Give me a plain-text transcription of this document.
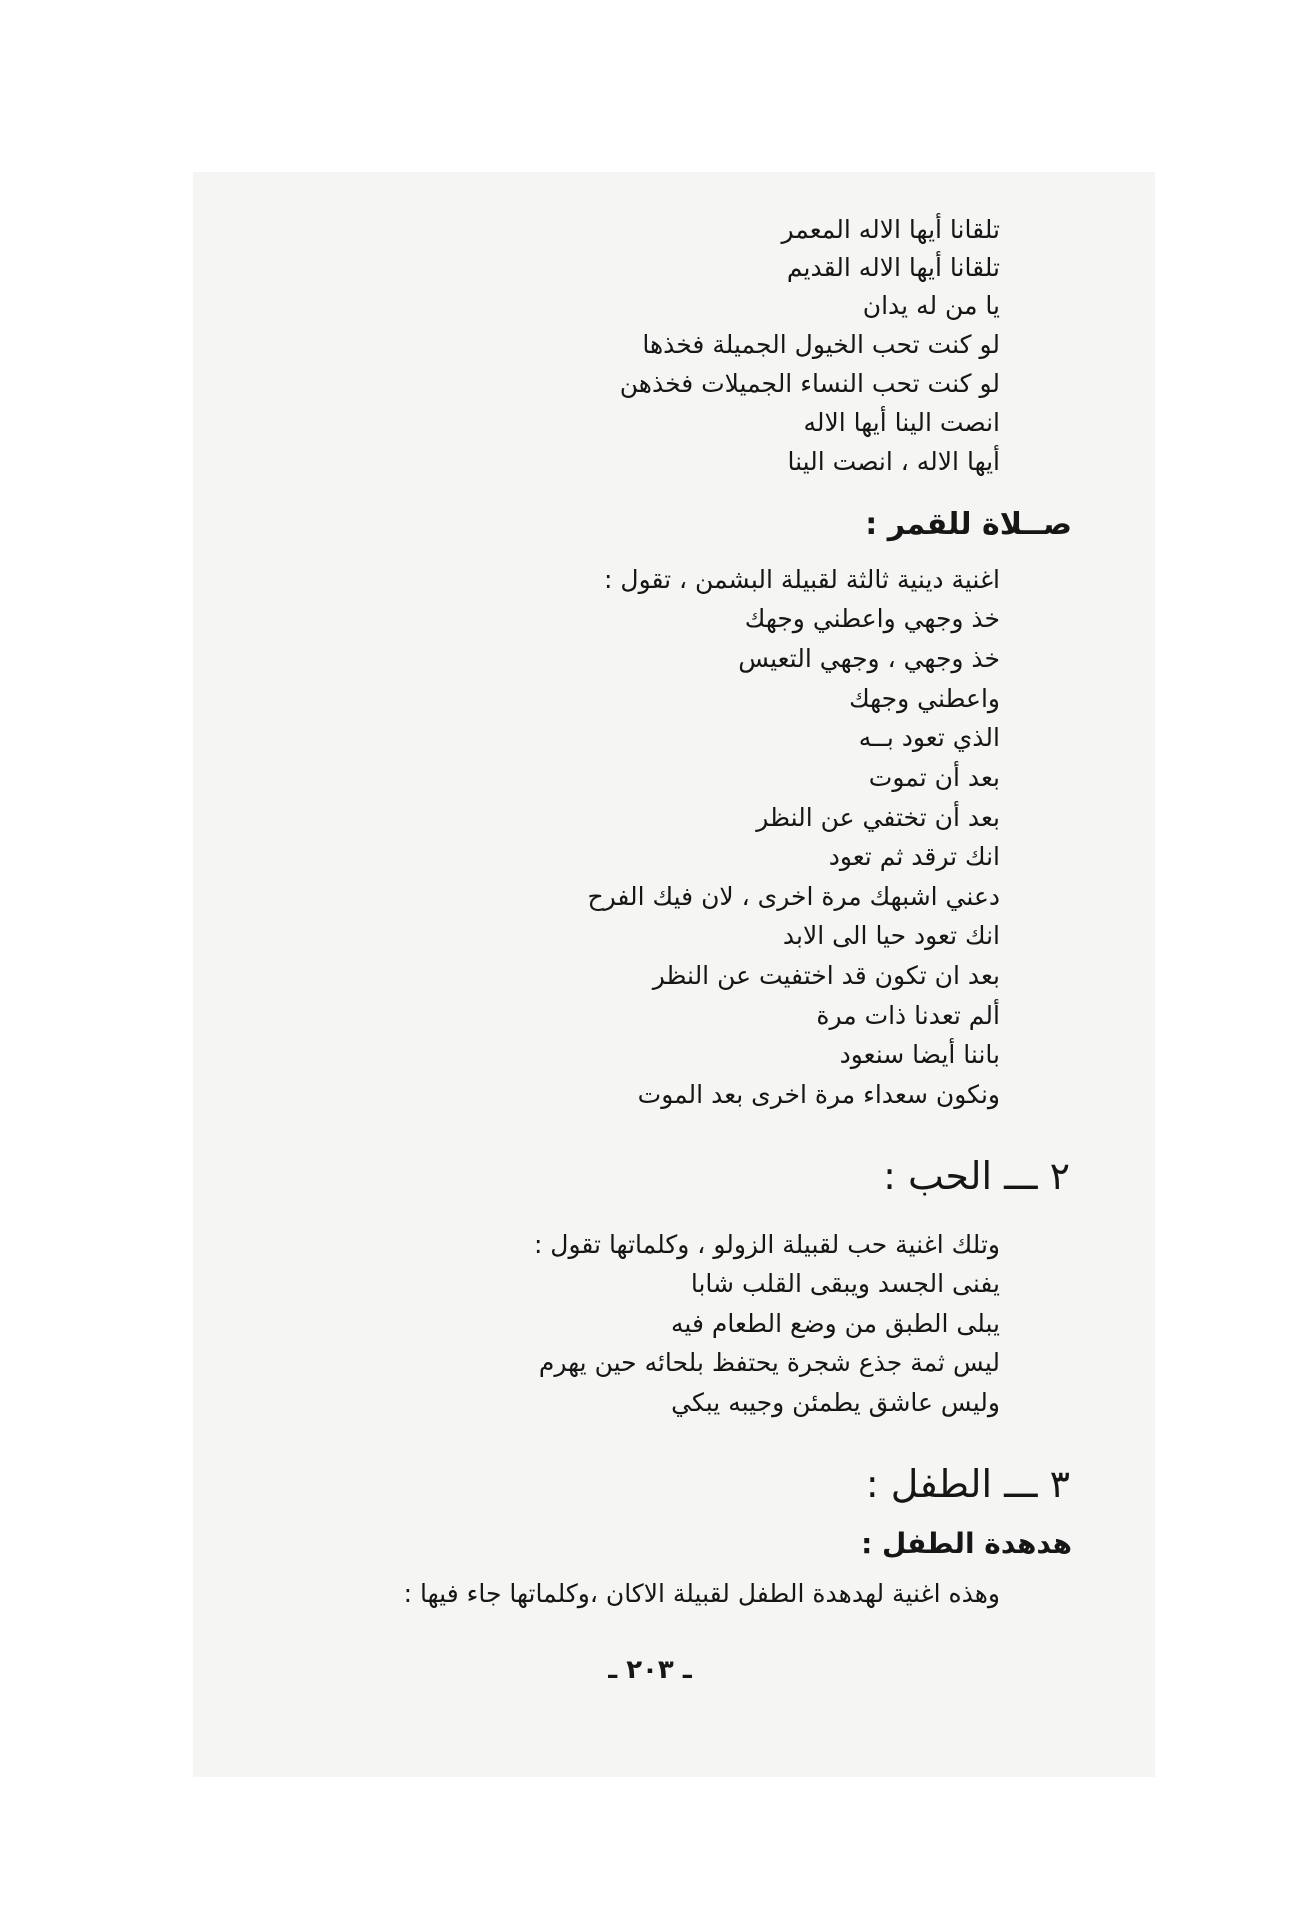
تلقانا أيها الاله المعمر
تلقانا أيها الاله القديم
يا من له يدان
لو كنت تحب الخيول الجميلة فخذها
لو كنت تحب النساء الجميلات فخذهن
انصت الينا أيها الاله
أيها الاله ، انصت الينا
صــلاة للقمر :
اغنية دينية ثالثة لقبيلة البشمن ، تقول :
خذ وجهي واعطني وجهك
خذ وجهي ، وجهي التعيس
واعطني وجهك
الذي تعود بــه
بعد أن تموت
بعد أن تختفي عن النظر
انك ترقد ثم تعود
دعني اشبهك مرة اخرى ، لان فيك الفرح
انك تعود حيا الى الابد
بعد ان تكون قد اختفيت عن النظر
ألم تعدنا ذات مرة
باننا أيضا سنعود
ونكون سعداء مرة اخرى بعد الموت
٢ ـــ الحب :
وتلك اغنية حب لقبيلة الزولو ، وكلماتها تقول :
يفنى الجسد ويبقى القلب شابا
يبلى الطبق من وضع الطعام فيه
ليس ثمة جذع شجرة يحتفظ بلحائه حين يهرم
وليس عاشق يطمئن وجيبه يبكي
٣ ـــ الطفل :
هدهدة الطفل :
وهذه اغنية لهدهدة الطفل لقبيلة الاكان ،وكلماتها جاء فيها :
ـ ٢٠٣ ـ
